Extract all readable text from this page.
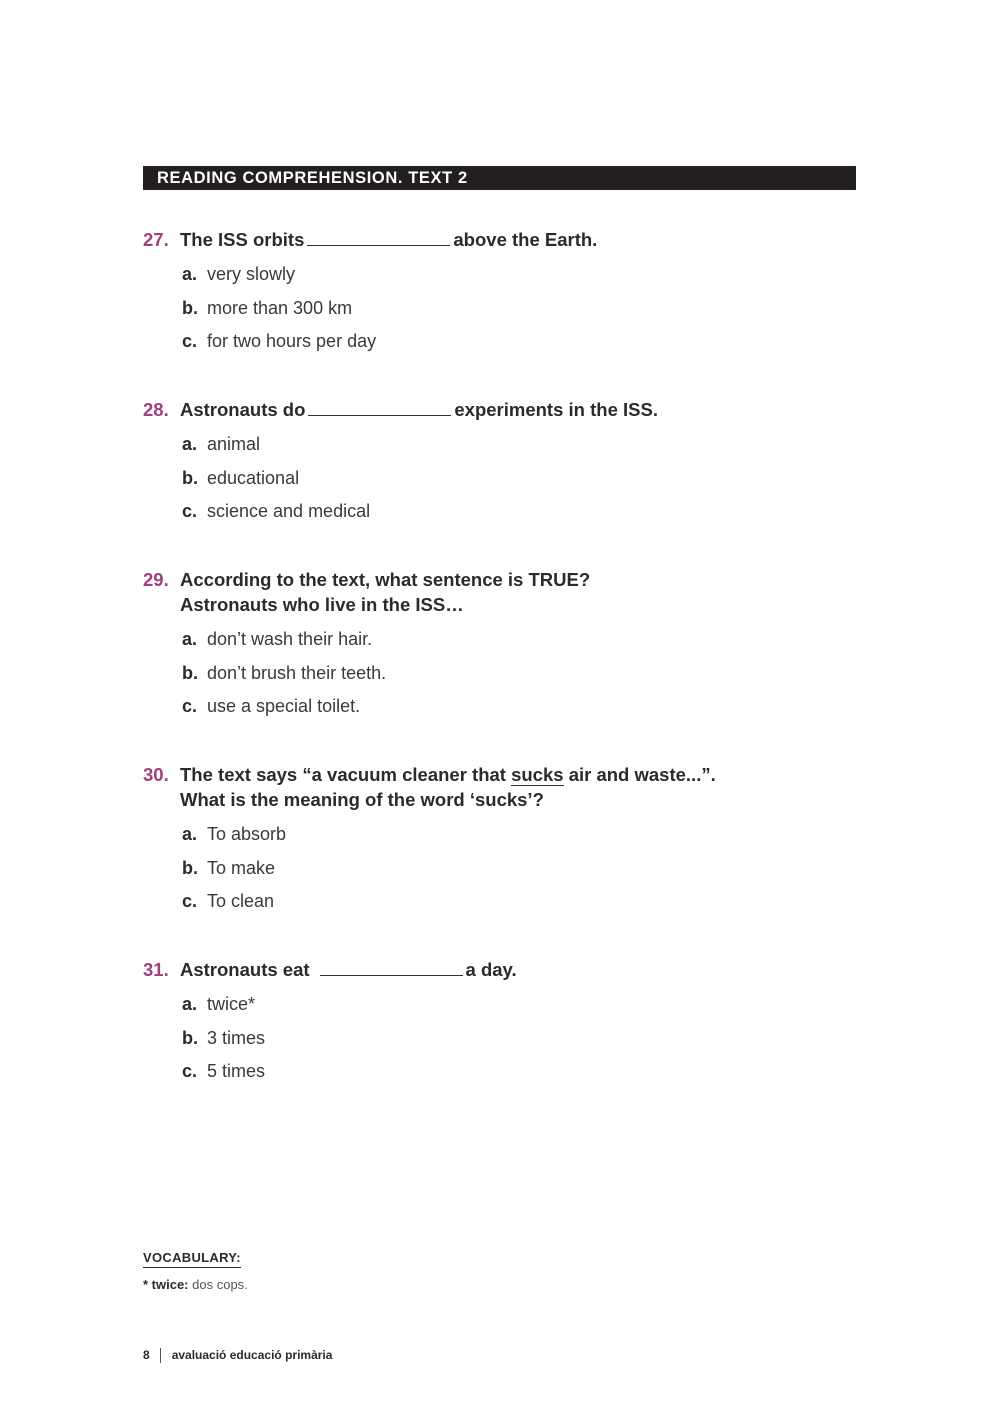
READING COMPREHENSION. TEXT 2
27. The ISS orbits	above the Earth.
a. very slowly
b. more than 300 km
c. for two hours per day
28. Astronauts do	experiments in the ISS.
a. animal
b. educational
c. science and medical
29. According to the text, what sentence is TRUE?
Astronauts who live in the ISS…
a. don’t wash their hair.
b. don’t brush their teeth.
c. use a special toilet.
30. The text says “a vacuum cleaner that sucks air and waste...”.
What is the meaning of the word ‘sucks’?
a. To absorb
b. To make
c. To clean
31. Astronauts eat	a day.
a. twice*
b. 3 times
c. 5 times
VOCABULARY:
* twice: dos cops.
8 avaluació educació primària
